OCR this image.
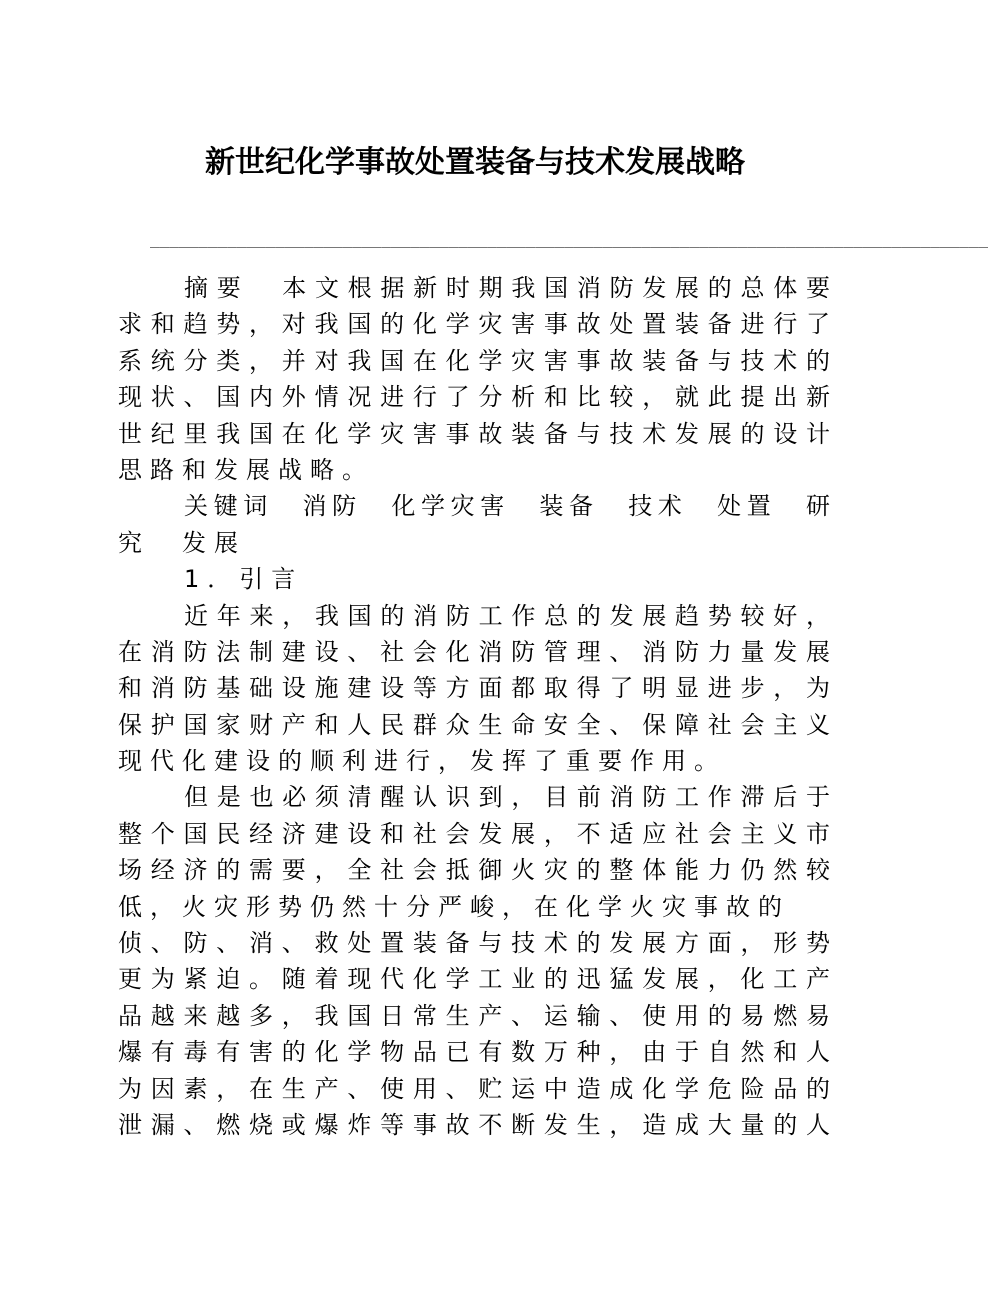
新世纪化学事故处置装备与技术发展战略
_______________________________________________________________________________________
摘要　本文根据新时期我国消防发展的总体要
求和趋势，对我国的化学灾害事故处置装备进行了
系统分类，并对我国在化学灾害事故装备与技术的
现状、国内外情况进行了分析和比较，就此提出新
世纪里我国在化学灾害事故装备与技术发展的设计
思路和发展战略。
关键词　消防　化学灾害　装备　技术　处置　研
究　发展
1．引言
近年来，我国的消防工作总的发展趋势较好，
在消防法制建设、社会化消防管理、消防力量发展
和消防基础设施建设等方面都取得了明显进步，为
保护国家财产和人民群众生命安全、保障社会主义
现代化建设的顺利进行，发挥了重要作用。
但是也必须清醒认识到，目前消防工作滞后于
整个国民经济建设和社会发展，不适应社会主义市
场经济的需要，全社会抵御火灾的整体能力仍然较
低，火灾形势仍然十分严峻，在化学火灾事故的
侦、防、消、救处置装备与技术的发展方面，形势
更为紧迫。随着现代化学工业的迅猛发展，化工产
品越来越多，我国日常生产、运输、使用的易燃易
爆有毒有害的化学物品已有数万种，由于自然和人
为因素，在生产、使用、贮运中造成化学危险品的
泄漏、燃烧或爆炸等事故不断发生，造成大量的人
